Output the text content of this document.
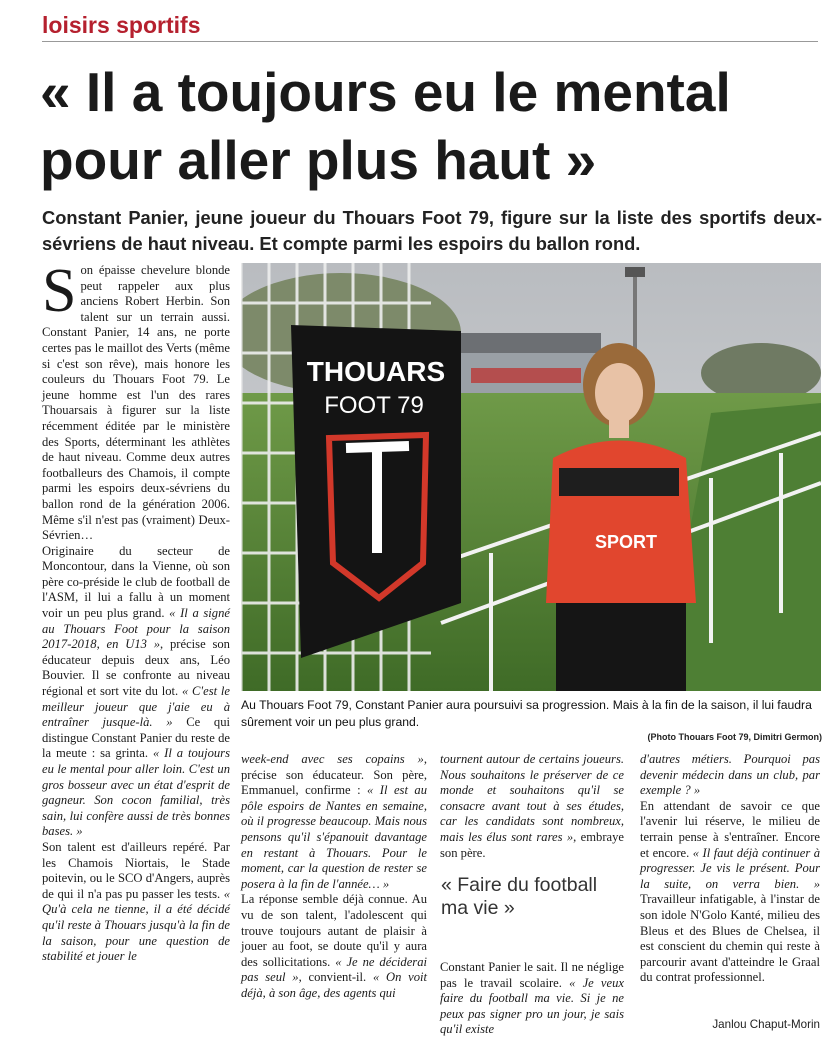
loisirs sportifs
« Il a toujours eu le mental pour aller plus haut »
Constant Panier, jeune joueur du Thouars Foot 79, figure sur la liste des sportifs deux-sévriens de haut niveau. Et compte parmi les espoirs du ballon rond.

Son épaisse chevelure blonde peut rappeler aux plus anciens Robert Herbin. Son talent sur un terrain aussi. Constant Panier, 14 ans, ne porte certes pas le maillot des Verts (même si c'est son rêve), mais honore les couleurs du Thouars Foot 79. Le jeune homme est l'un des rares Thouarsais à figurer sur la liste récemment éditée par le ministère des Sports, déterminant les athlètes de haut niveau. Comme deux autres footballeurs des Chamois, il compte parmi les espoirs deux-sévriens du ballon rond de la génération 2006. Même s'il n'est pas (vraiment) Deux-Sévrien…

Originaire du secteur de Moncontour, dans la Vienne, où son père co-préside le club de football de l'ASM, il lui a fallu à un moment voir un peu plus grand. « Il a signé au Thouars Foot pour la saison 2017-2018, en U13 », précise son éducateur depuis deux ans, Léo Bouvier. Il se confronte au niveau régional et sort vite du lot. « C'est le meilleur joueur que j'aie eu à entraîner jusque-là. » Ce qui distingue Constant Panier du reste de la meute : sa grinta. « Il a toujours eu le mental pour aller loin. C'est un gros bosseur avec un état d'esprit de gagneur. Son cocon familial, très sain, lui confère aussi de très bonnes bases. »

Son talent est d'ailleurs repéré. Par les Chamois Niortais, le Stade poitevin, ou le SCO d'Angers, auprès de qui il n'a pas pu passer les tests. « Qu'à cela ne tienne, il a été décidé qu'il reste à Thouars jusqu'à la fin de la saison, pour une question de stabilité et jouer le

THOUARS
FOOT 79
SPORT
Au Thouars Foot 79, Constant Panier aura poursuivi sa progression. Mais à la fin de la saison, il lui faudra sûrement voir un peu plus grand.
(Photo Thouars Foot 79, Dimitri Germon)

week-end avec ses copains », précise son éducateur. Son père, Emmanuel, confirme : « Il est au pôle espoirs de Nantes en semaine, où il progresse beaucoup. Mais nous pensons qu'il s'épanouit davantage en restant à Thouars. Pour le moment, car la question de rester se posera à la fin de l'année… »

La réponse semble déjà connue. Au vu de son talent, l'adolescent qui trouve toujours autant de plaisir à jouer au foot, se doute qu'il y aura des sollicitations. « Je ne déciderai pas seul », convient-il. « On voit déjà, à son âge, des agents qui

tournent autour de certains joueurs. Nous souhaitons le préserver de ce monde et souhaitons qu'il se consacre avant tout à ses études, car les candidats sont nombreux, mais les élus sont rares », embraye son père.

« Faire du football ma vie »

Constant Panier le sait. Il ne néglige pas le travail scolaire. « Je veux faire du football ma vie. Si je ne peux pas signer pro un jour, je sais qu'il existe

d'autres métiers. Pourquoi pas devenir médecin dans un club, par exemple ? »

En attendant de savoir ce que l'avenir lui réserve, le milieu de terrain pense à s'entraîner. Encore et encore. « Il faut déjà continuer à progresser. Je vis le présent. Pour la suite, on verra bien. » Travailleur infatigable, à l'instar de son idole N'Golo Kanté, milieu des Bleus et des Blues de Chelsea, il est conscient du chemin qui reste à parcourir avant d'atteindre le Graal du contrat professionnel.

Janlou Chaput-Morin
